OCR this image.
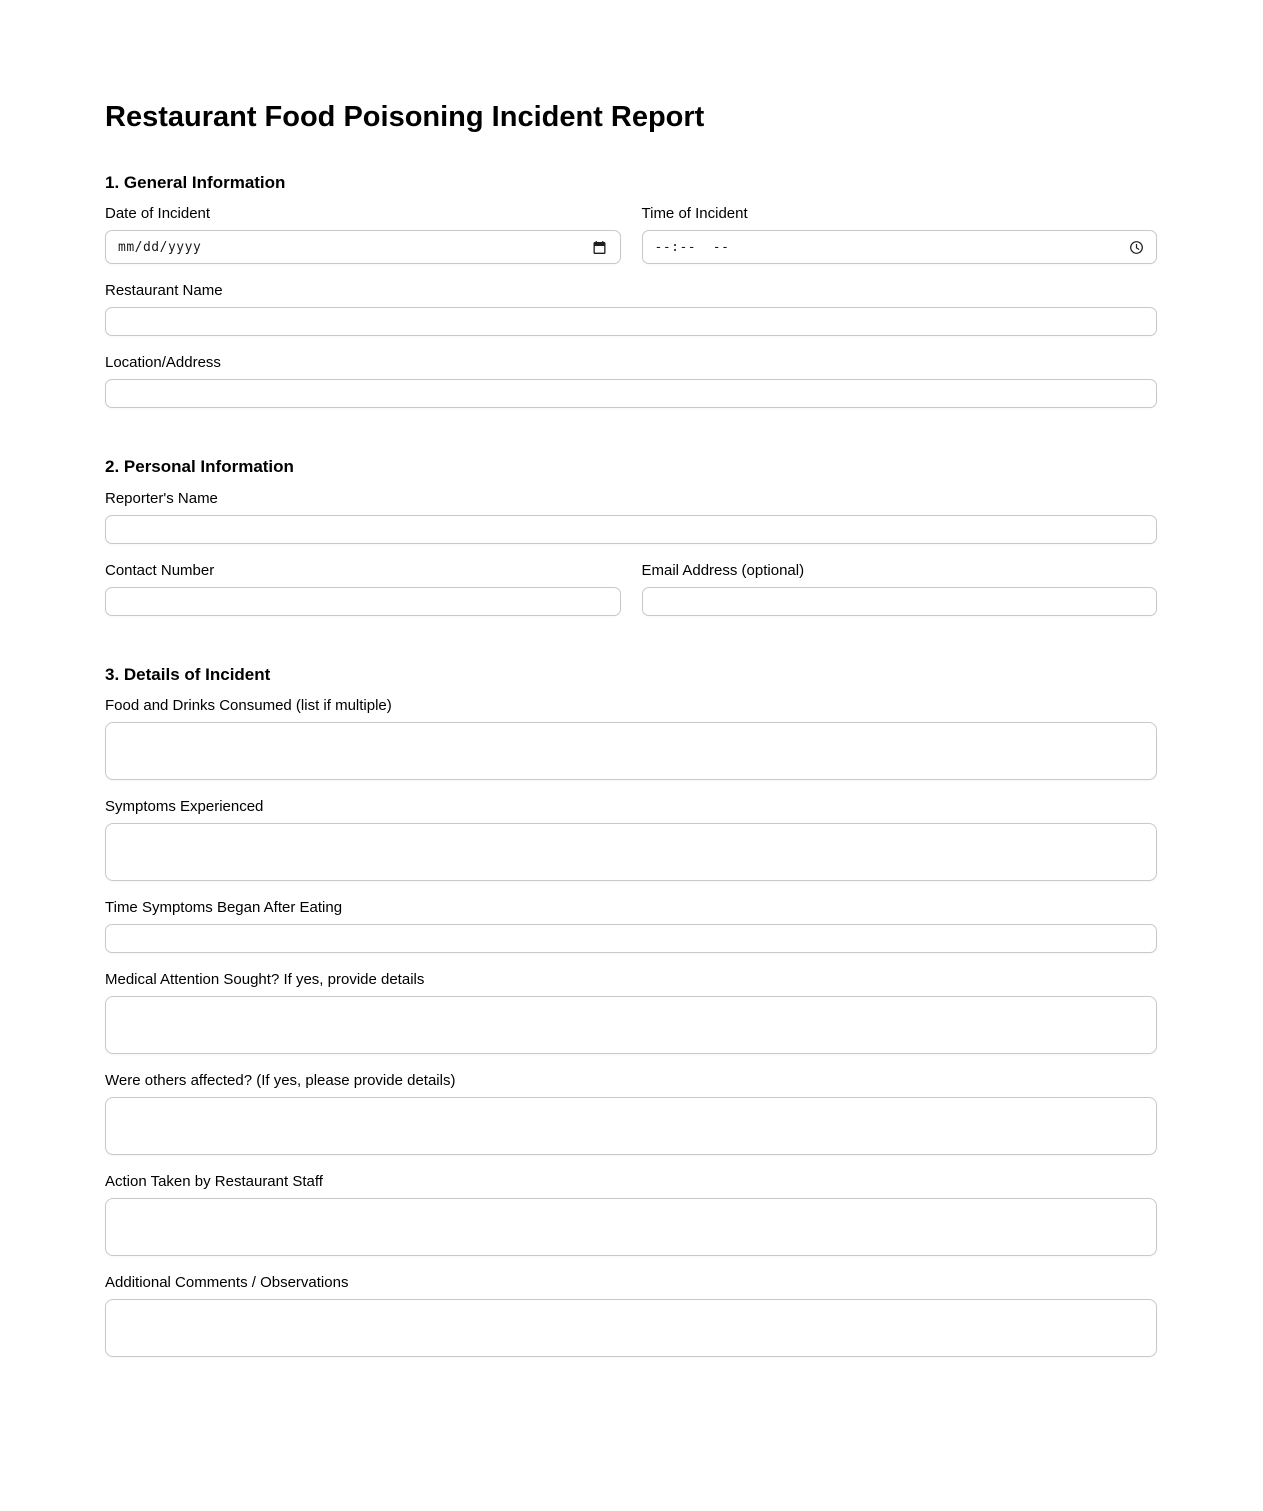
Restaurant Food Poisoning Incident Report
1. General Information
Date of Incident
mm/dd/yyyy
Time of Incident
--:--  --
Restaurant Name
Location/Address
2. Personal Information
Reporter's Name
Contact Number	Email Address (optional)
3. Details of Incident
Food and Drinks Consumed (list if multiple)
Symptoms Experienced
Time Symptoms Began After Eating
Medical Attention Sought? If yes, provide details
Were others affected? (If yes, please provide details)
Action Taken by Restaurant Staff
Additional Comments / Observations
